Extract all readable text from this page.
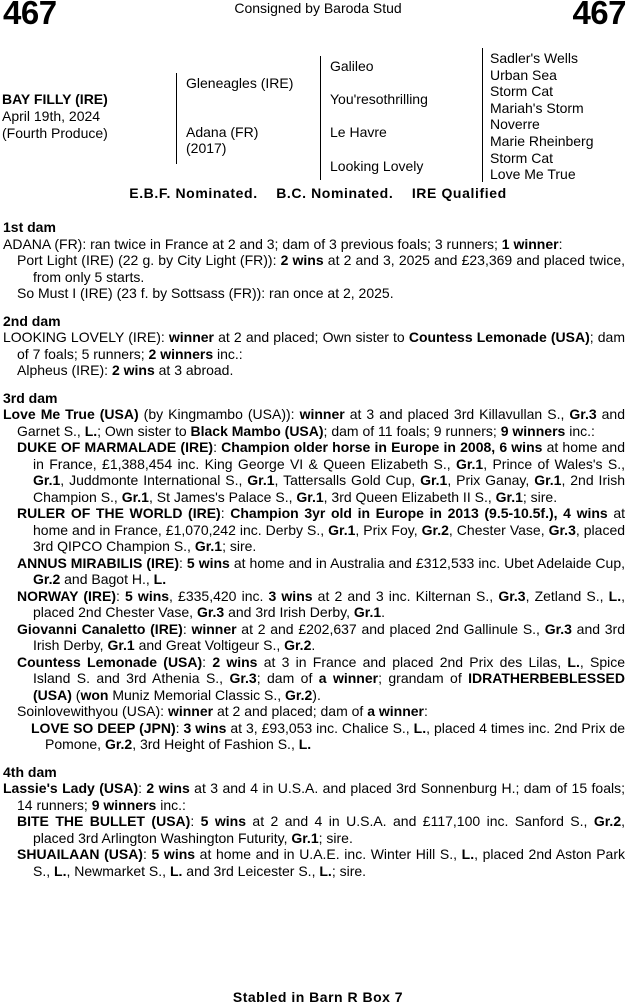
467	Consigned by Baroda Stud	467
BAY FILLY (IRE)
April 19th, 2024
(Fourth Produce)
Gleneagles (IRE)
Adana (FR)
(2017)
Galileo
You'resothrilling
Le Havre
Looking Lovely
Sadler's Wells
Urban Sea
Storm Cat
Mariah's Storm
Noverre
Marie Rheinberg
Storm Cat
Love Me True
E.B.F. Nominated. B.C. Nominated. IRE Qualified
1st dam
ADANA (FR): ran twice in France at 2 and 3; dam of 3 previous foals; 3 runners; 1 winner:
Port Light (IRE) (22 g. by City Light (FR)): 2 wins at 2 and 3, 2025 and £23,369 and placed twice, from only 5 starts.
So Must I (IRE) (23 f. by Sottsass (FR)): ran once at 2, 2025.
2nd dam
LOOKING LOVELY (IRE): winner at 2 and placed; Own sister to Countess Lemonade (USA); dam of 7 foals; 5 runners; 2 winners inc.:
Alpheus (IRE): 2 wins at 3 abroad.
3rd dam
Love Me True (USA) (by Kingmambo (USA)): winner at 3 and placed 3rd Killavullan S., Gr.3 and Garnet S., L.; Own sister to Black Mambo (USA); dam of 11 foals; 9 runners; 9 winners inc.:
DUKE OF MARMALADE (IRE): Champion older horse in Europe in 2008, 6 wins at home and in France, £1,388,454 inc. King George VI & Queen Elizabeth S., Gr.1, Prince of Wales's S., Gr.1, Juddmonte International S., Gr.1, Tattersalls Gold Cup, Gr.1, Prix Ganay, Gr.1, 2nd Irish Champion S., Gr.1, St James's Palace S., Gr.1, 3rd Queen Elizabeth II S., Gr.1; sire.
RULER OF THE WORLD (IRE): Champion 3yr old in Europe in 2013 (9.5-10.5f.), 4 wins at home and in France, £1,070,242 inc. Derby S., Gr.1, Prix Foy, Gr.2, Chester Vase, Gr.3, placed 3rd QIPCO Champion S., Gr.1; sire.
ANNUS MIRABILIS (IRE): 5 wins at home and in Australia and £312,533 inc. Ubet Adelaide Cup, Gr.2 and Bagot H., L.
NORWAY (IRE): 5 wins, £335,420 inc. 3 wins at 2 and 3 inc. Kilternan S., Gr.3, Zetland S., L., placed 2nd Chester Vase, Gr.3 and 3rd Irish Derby, Gr.1.
Giovanni Canaletto (IRE): winner at 2 and £202,637 and placed 2nd Gallinule S., Gr.3 and 3rd Irish Derby, Gr.1 and Great Voltigeur S., Gr.2.
Countess Lemonade (USA): 2 wins at 3 in France and placed 2nd Prix des Lilas, L., Spice Island S. and 3rd Athenia S., Gr.3; dam of a winner; grandam of IDRATHERBEBLESSED (USA) (won Muniz Memorial Classic S., Gr.2).
Soinlovewithyou (USA): winner at 2 and placed; dam of a winner:
LOVE SO DEEP (JPN): 3 wins at 3, £93,053 inc. Chalice S., L., placed 4 times inc. 2nd Prix de Pomone, Gr.2, 3rd Height of Fashion S., L.
4th dam
Lassie's Lady (USA): 2 wins at 3 and 4 in U.S.A. and placed 3rd Sonnenburg H.; dam of 15 foals; 14 runners; 9 winners inc.:
BITE THE BULLET (USA): 5 wins at 2 and 4 in U.S.A. and £117,100 inc. Sanford S., Gr.2, placed 3rd Arlington Washington Futurity, Gr.1; sire.
SHUAILAAN (USA): 5 wins at home and in U.A.E. inc. Winter Hill S., L., placed 2nd Aston Park S., L., Newmarket S., L. and 3rd Leicester S., L.; sire.
Stabled in Barn R Box 7
